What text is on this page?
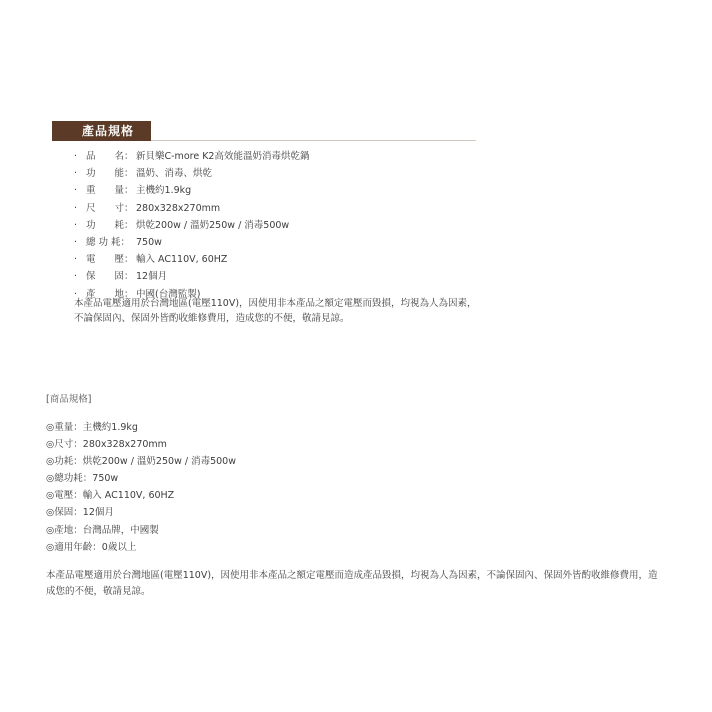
產品規格
· 品　　名： 新貝樂C-more K2高效能溫奶消毒烘乾鍋
· 功　　能： 溫奶、消毒、烘乾
· 重　　量： 主機約1.9kg
· 尺　　寸： 280x328x270mm
· 功　　耗： 烘乾200w / 溫奶250w / 消毒500w
· 總 功 耗： 750w
· 電　　壓： 輸入 AC110V, 60HZ
· 保　　固： 12個月
· 產　　地： 中國(台灣監製)

本產品電壓適用於台灣地區(電壓110V)，因使用非本產品之額定電壓而毀損，均視為人為因素，不論保固內、保固外皆酌收維修費用，造成您的不便，敬請見諒。

[商品規格]

◎重量：主機約1.9kg
◎尺寸：280x328x270mm
◎功耗：烘乾200w / 溫奶250w / 消毒500w
◎總功耗：750w
◎電壓：輸入 AC110V, 60HZ
◎保固：12個月
◎產地：台灣品牌，中國製
◎適用年齡：0歲以上

本產品電壓適用於台灣地區(電壓110V)，因使用非本產品之額定電壓而造成產品毀損，均視為人為因素，不論保固內、保固外皆酌收維修費用，造成您的不便，敬請見諒。
